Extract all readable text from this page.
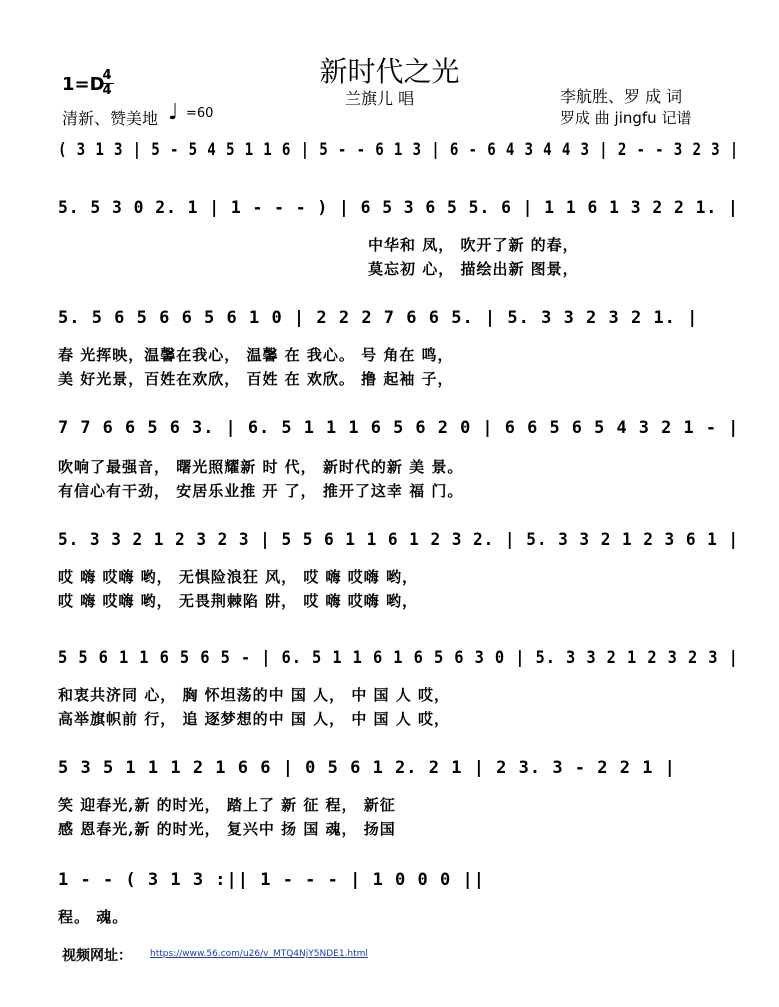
新时代之光
兰旗儿 唱
1=D
4
4
清新、赞美地 ♩ =60
李航胜、罗 成 词
罗成 曲 jingfu 记谱
( 3 1 3 | 5 - 5 4 5 1 1 6 | 5 - - 6 1 3 | 6 - 6 4 3 4 4 3 | 2 - - 3 2 3 |
5. 5 3 0 2. 1 | 1 - - - ) | 6 5 3 6 5 5. 6 | 1 1 6 1 3 2 2 1. |
中华和 凤， 吹开了新 的春，
莫忘初 心， 描绘出新 图景，
5. 5 6 5 6 6 5 6 1 0 | 2 2 2 7 6 6 5. | 5. 3 3 2 3 2 1. |
春 光挥映，温馨在我心， 温馨 在 我心。 号 角在 鸣，
美 好光景，百姓在欢欣， 百姓 在 欢欣。 撸 起袖 子，
7 7 6 6 5 6 3. | 6. 5 1 1 1 6 5 6 2 0 | 6 6 5 6 5 4 3 2 1 - |
吹响了最强音， 曙光照耀新 时 代， 新时代的新 美 景。
有信心有干劲， 安居乐业推 开 了， 推开了这幸 福 门。
5. 3 3 2 1 2 3 2 3 | 5 5 6 1 1 6 1 2 3 2. | 5. 3 3 2 1 2 3 6 1 |
哎 嗨 哎嗨 哟， 无惧险浪狂 风， 哎 嗨 哎嗨 哟，
哎 嗨 哎嗨 哟， 无畏荆棘陷 阱， 哎 嗨 哎嗨 哟，
5 5 6 1 1 6 5 6 5 - | 6. 5 1 1 6 1 6 5 6 3 0 | 5. 3 3 2 1 2 3 2 3 |
和衷共济同 心， 胸 怀坦荡的中 国 人， 中 国 人 哎，
高举旗帜前 行， 追 逐梦想的中 国 人， 中 国 人 哎，
5 3 5 1 1 1 2 1 6 6 | 0 5 6 1 2. 2 1 | 2 3. 3 - 2 2 1 |
笑 迎春光,新 的时光， 踏上了 新 征 程， 新征
感 恩春光,新 的时光， 复兴中 扬 国 魂， 扬国
1 - - ( 3 1 3 :|| 1 - - - | 1 0 0 0 ||
程。 魂。
视频网址： https://www.56.com/u26/v_MTQ4NjY5NDE1.html
